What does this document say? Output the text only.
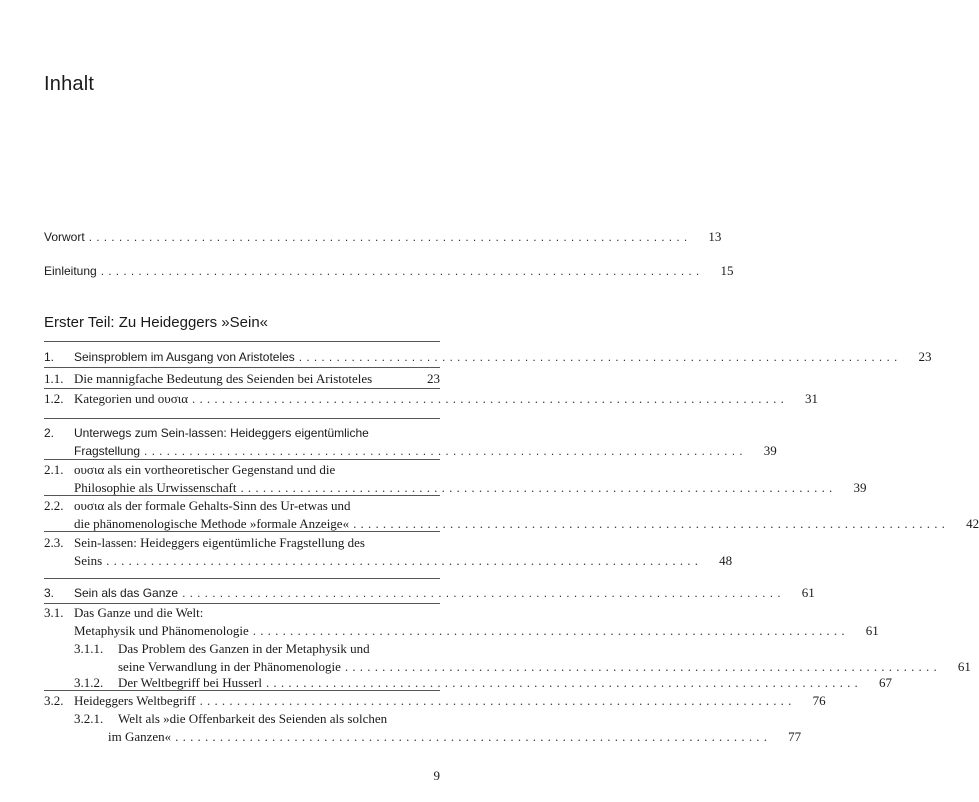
Inhalt
Vorwort ................................................................................	13
Einleitung ................................................................................	15
Erster Teil: Zu Heideggers »Sein«
1. Seinsproblem im Ausgang von Aristoteles ................................................................................	23
1.1. Die mannigfache Bedeutung des Seienden bei Aristoteles	23
1.2. Kategorien und ουσια ................................................................................	31
2. Unterwegs zum Sein-lassen: Heideggers eigentümliche
Fragstellung ................................................................................	39
2.1. ουσια als ein vortheoretischer Gegenstand und die
Philosophie als Urwissenschaft ................................................................................	39
2.2. ουσια als der formale Gehalts-Sinn des Ur-etwas und
die phänomenologische Methode »formale Anzeige« ................................................................................	42
2.3. Sein-lassen: Heideggers eigentümliche Fragstellung des
Seins ................................................................................	48
3. Sein als das Ganze ................................................................................	61
3.1. Das Ganze und die Welt:
Metaphysik und Phänomenologie ................................................................................	61
3.1.1. Das Problem des Ganzen in der Metaphysik und
seine Verwandlung in der Phänomenologie ................................................................................	61
3.1.2. Der Weltbegriff bei Husserl ................................................................................	67
3.2. Heideggers Weltbegriff ................................................................................	76
3.2.1. Welt als »die Offenbarkeit des Seienden als solchen
im Ganzen« ................................................................................	77
9
